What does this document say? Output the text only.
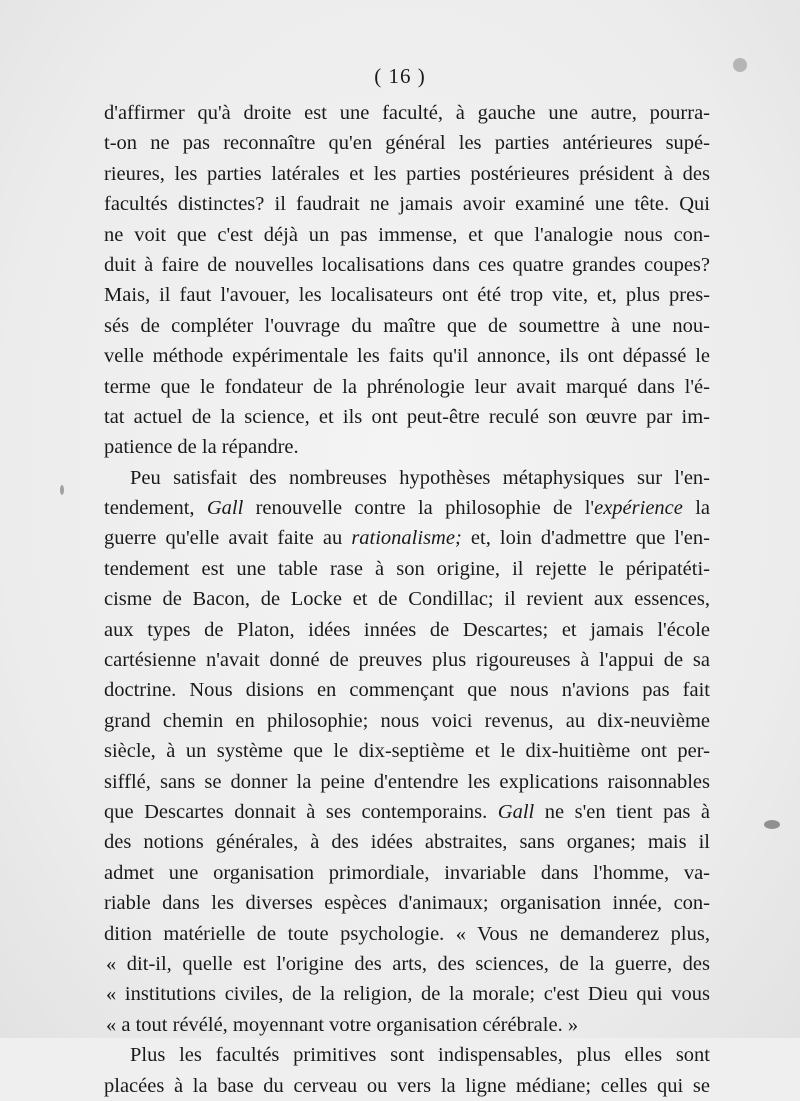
( 16 )
d'affirmer qu'à droite est une faculté, à gauche une autre, pourra-
t-on ne pas reconnaître qu'en général les parties antérieures supé-
rieures, les parties latérales et les parties postérieures président à des
facultés distinctes? il faudrait ne jamais avoir examiné une tête. Qui
ne voit que c'est déjà un pas immense, et que l'analogie nous con-
duit à faire de nouvelles localisations dans ces quatre grandes coupes?
Mais, il faut l'avouer, les localisateurs ont été trop vite, et, plus pres-
sés de compléter l'ouvrage du maître que de soumettre à une nou-
velle méthode expérimentale les faits qu'il annonce, ils ont dépassé le
terme que le fondateur de la phrénologie leur avait marqué dans l'é-
tat actuel de la science, et ils ont peut-être reculé son œuvre par im-
patience de la répandre.
Peu satisfait des nombreuses hypothèses métaphysiques sur l'en-
tendement, Gall renouvelle contre la philosophie de l'expérience la
guerre qu'elle avait faite au rationalisme; et, loin d'admettre que l'en-
tendement est une table rase à son origine, il rejette le péripatéti-
cisme de Bacon, de Locke et de Condillac; il revient aux essences,
aux types de Platon, idées innées de Descartes; et jamais l'école
cartésienne n'avait donné de preuves plus rigoureuses à l'appui de sa
doctrine. Nous disions en commençant que nous n'avions pas fait
grand chemin en philosophie; nous voici revenus, au dix-neuvième
siècle, à un système que le dix-septième et le dix-huitième ont per-
sifflé, sans se donner la peine d'entendre les explications raisonnables
que Descartes donnait à ses contemporains. Gall ne s'en tient pas à
des notions générales, à des idées abstraites, sans organes; mais il
admet une organisation primordiale, invariable dans l'homme, va-
riable dans les diverses espèces d'animaux; organisation innée, con-
dition matérielle de toute psychologie. « Vous ne demanderez plus,
« dit-il, quelle est l'origine des arts, des sciences, de la guerre, des
« institutions civiles, de la religion, de la morale; c'est Dieu qui vous
« a tout révélé, moyennant votre organisation cérébrale. »
Plus les facultés primitives sont indispensables, plus elles sont
placées à la base du cerveau ou vers la ligne médiane; celles qui se
